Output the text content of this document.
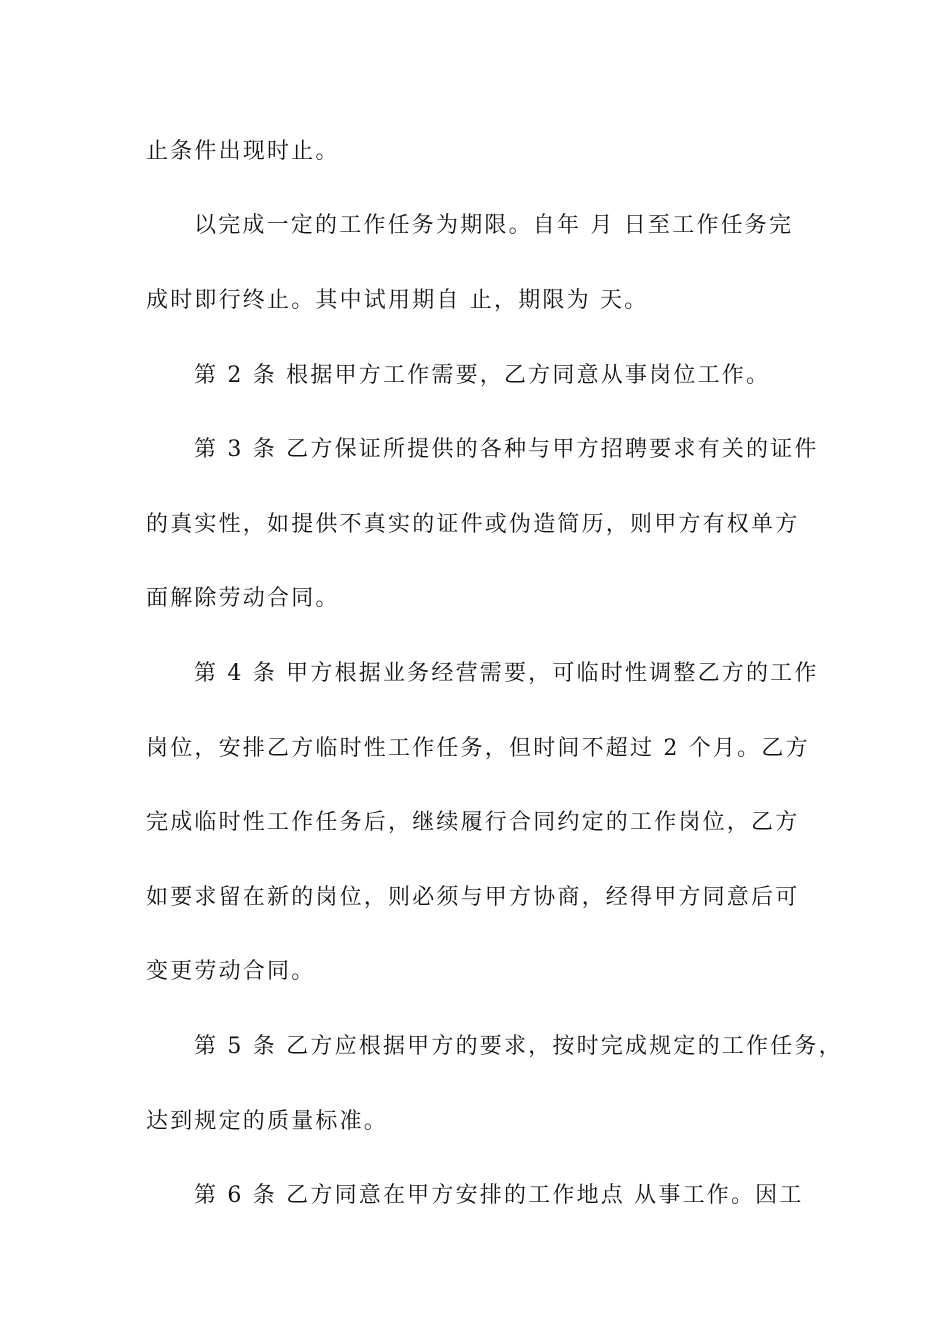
止条件出现时止。

以完成一定的工作任务为期限。自年 月 日至工作任务完

成时即行终止。其中试用期自 止，期限为 天。

第 2 条 根据甲方工作需要，乙方同意从事岗位工作。

第 3 条 乙方保证所提供的各种与甲方招聘要求有关的证件

的真实性，如提供不真实的证件或伪造简历，则甲方有权单方

面解除劳动合同。

第 4 条 甲方根据业务经营需要，可临时性调整乙方的工作

岗位，安排乙方临时性工作任务，但时间不超过 2 个月。乙方

完成临时性工作任务后，继续履行合同约定的工作岗位，乙方

如要求留在新的岗位，则必须与甲方协商，经得甲方同意后可

变更劳动合同。

第 5 条 乙方应根据甲方的要求，按时完成规定的工作任务，

达到规定的质量标准。

第 6 条 乙方同意在甲方安排的工作地点 从事工作。因工
